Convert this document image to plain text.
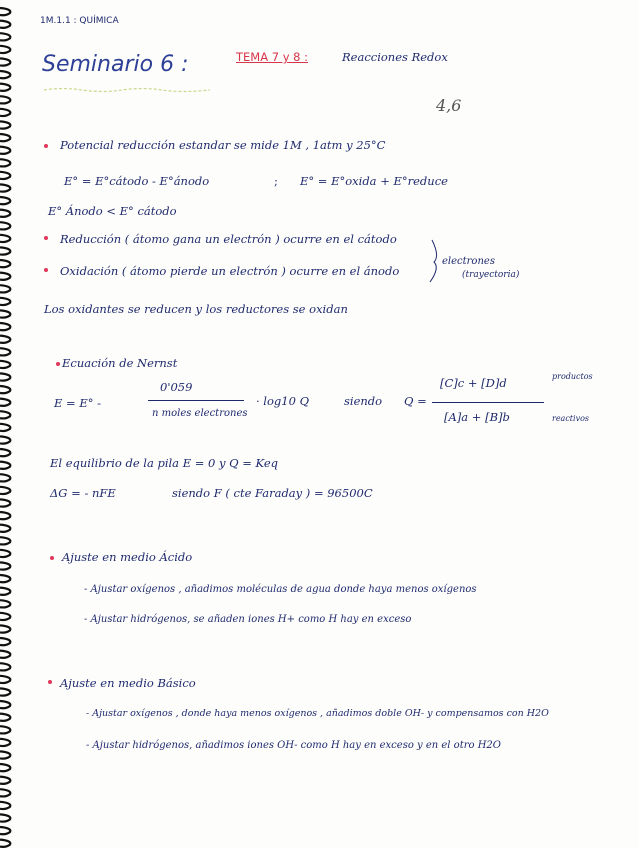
1M.1.1 : QUÍMICA
Seminario 6 :	TEMA 7 y 8 :	Reacciones Redox
4,6
Potencial reducción estandar se mide 1M , 1atm y 25°C
E° = E°cátodo - E°ánodo	; E° = E°oxida + E°reduce
E° Ánodo < E° cátodo
Reducción ( átomo gana un electrón ) ocurre en el cátodo
Oxidación ( átomo pierde un electrón ) ocurre en el ánodo
electrones
(trayectoria)
Los oxidantes se reducen y los reductores se oxidan
Ecuación de Nernst
E = E° -
0'059
n moles electrones
· log10 Q	siendo Q =
[C]c + [D]d
[A]a + [B]b
productos
reactivos
El equilibrio de la pila E = 0 y Q = Keq
ΔG = - nFE	siendo F ( cte Faraday ) = 96500C
Ajuste en medio Ácido
- Ajustar oxígenos , añadimos moléculas de agua donde haya menos oxígenos
- Ajustar hidrógenos, se añaden iones H+ como H hay en exceso
Ajuste en medio Básico
- Ajustar oxígenos , donde haya menos oxígenos , añadimos doble OH- y compensamos con H2O
- Ajustar hidrógenos, añadimos iones OH- como H hay en exceso y en el otro H2O
